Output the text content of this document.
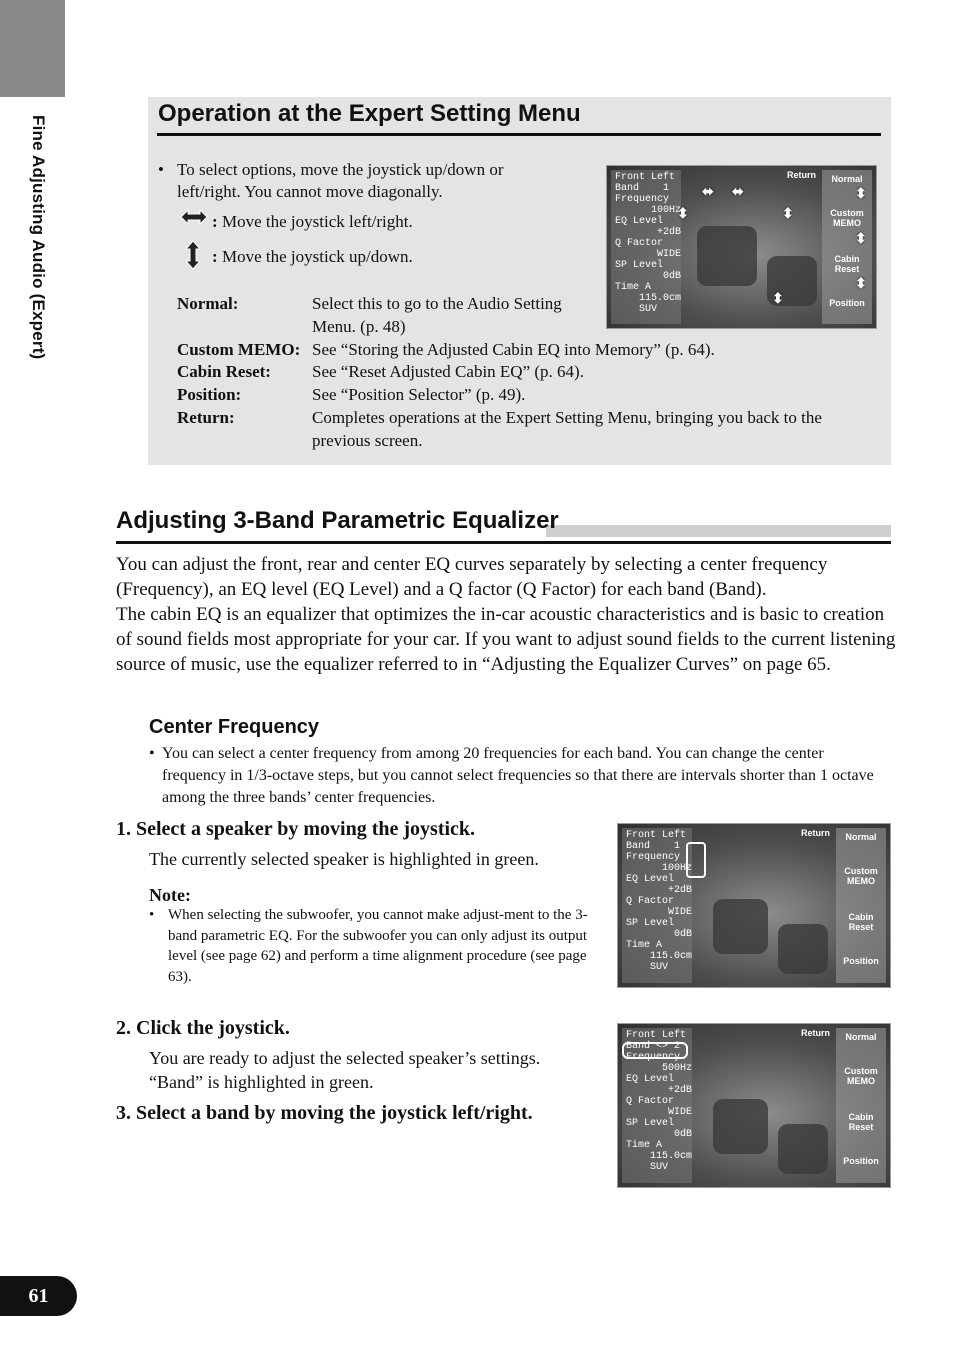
Fine Adjusting Audio (Expert)
Operation at the Expert Setting Menu
• To select options, move the joystick up/down or
left/right. You cannot move diagonally.
: Move the joystick left/right.
: Move the joystick up/down.
Normal:	Select this to go to the Audio Setting
Menu. (p. 48)
Custom MEMO: See “Storing the Adjusted Cabin EQ into Memory” (p. 64).
Cabin Reset: See “Reset Adjusted Cabin EQ” (p. 64).
Position:	See “Position Selector” (p. 49).
Return:	Completes operations at the Expert Setting Menu, bringing you back to the
previous screen.
Front Left
Band    1
Frequency
100Hz
EQ Level
+2dB
Q Factor
WIDE
SP Level
0dB
Time A
115.0cm
SUV
Return	Normal
Custom
MEMO
Cabin
Reset
Position
⬌ ⬌
⬍	⬍
⬍
⬍
⬍
⬍
Adjusting 3-Band Parametric Equalizer

You can adjust the front, rear and center EQ curves separately by selecting a center frequency (Frequency), an EQ level (EQ Level) and a Q factor (Q Factor) for each band (Band).

The cabin EQ is an equalizer that optimizes the in-car acoustic characteristics and is basic to creation of sound fields most appropriate for your car. If you want to adjust sound fields to the current listening source of music, use the equalizer referred to in “Adjusting the Equalizer Curves” on page 65.

Center Frequency
• You can select a center frequency from among 20 frequencies for each band. You can change the center frequency in 1/3-octave steps, but you cannot select frequencies so that there are intervals shorter than 1 octave among the three bands’ center frequencies.
1. Select a speaker by moving the joystick.
The currently selected speaker is highlighted in green.
Note:
• When selecting the subwoofer, you cannot make adjust-ment to the 3-band parametric EQ. For the subwoofer you can only adjust its output level (see page 62) and perform a time alignment procedure (see page 63).
Front Left
Band    1
Frequency
100Hz
EQ Level
+2dB
Q Factor
WIDE
SP Level
0dB
Time A
115.0cm
SUV
Return	Normal
Custom
MEMO
Cabin
Reset
Position
2. Click the joystick.
You are ready to adjust the selected speaker’s settings.
“Band” is highlighted in green.
3. Select a band by moving the joystick left/right.
Front Left
Band <> 2
Frequency
500Hz
EQ Level
+2dB
Q Factor
WIDE
SP Level
0dB
Time A
115.0cm
SUV
Return	Normal
Custom
MEMO
Cabin
Reset
Position
61
